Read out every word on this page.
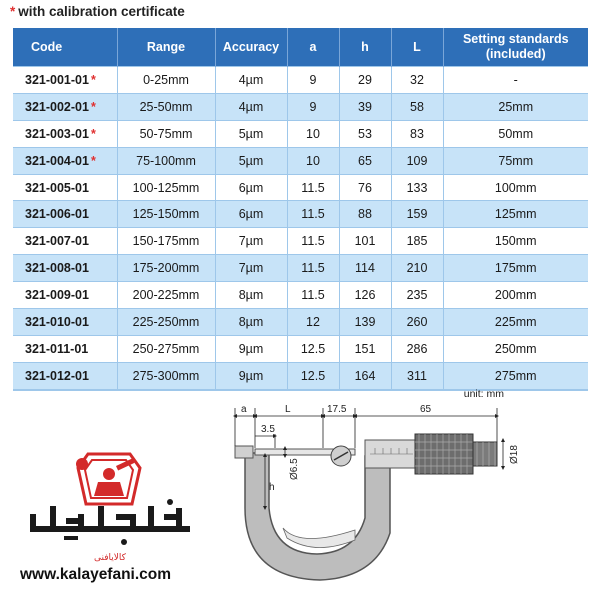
* with calibration certificate
Code	Range	Accuracy	a	h	L	Setting standards
(included)
321-001-01 *	0-25mm	4µm	9	29	32	-
321-002-01 *	25-50mm	4µm	9	39	58	25mm
321-003-01 *	50-75mm	5µm	10	53	83	50mm
321-004-01 *	75-100mm	5µm	10	65	109	75mm
321-005-01	100-125mm	6µm	11.5	76	133	100mm
321-006-01	125-150mm	6µm	11.5	88	159	125mm
321-007-01	150-175mm	7µm	11.5	101	185	150mm
321-008-01	175-200mm	7µm	11.5	114	210	175mm
321-009-01	200-225mm	8µm	11.5	126	235	200mm
321-010-01	225-250mm	8µm	12	139	260	225mm
321-011-01	250-275mm	9µm	12.5	151	286	250mm
321-012-01	275-300mm	9µm	12.5	164	311	275mm
unit: mm
کالایافنی
www.kalayefani.com
a	L	17.5	65
3.5
h
Ø6.5
Ø18
